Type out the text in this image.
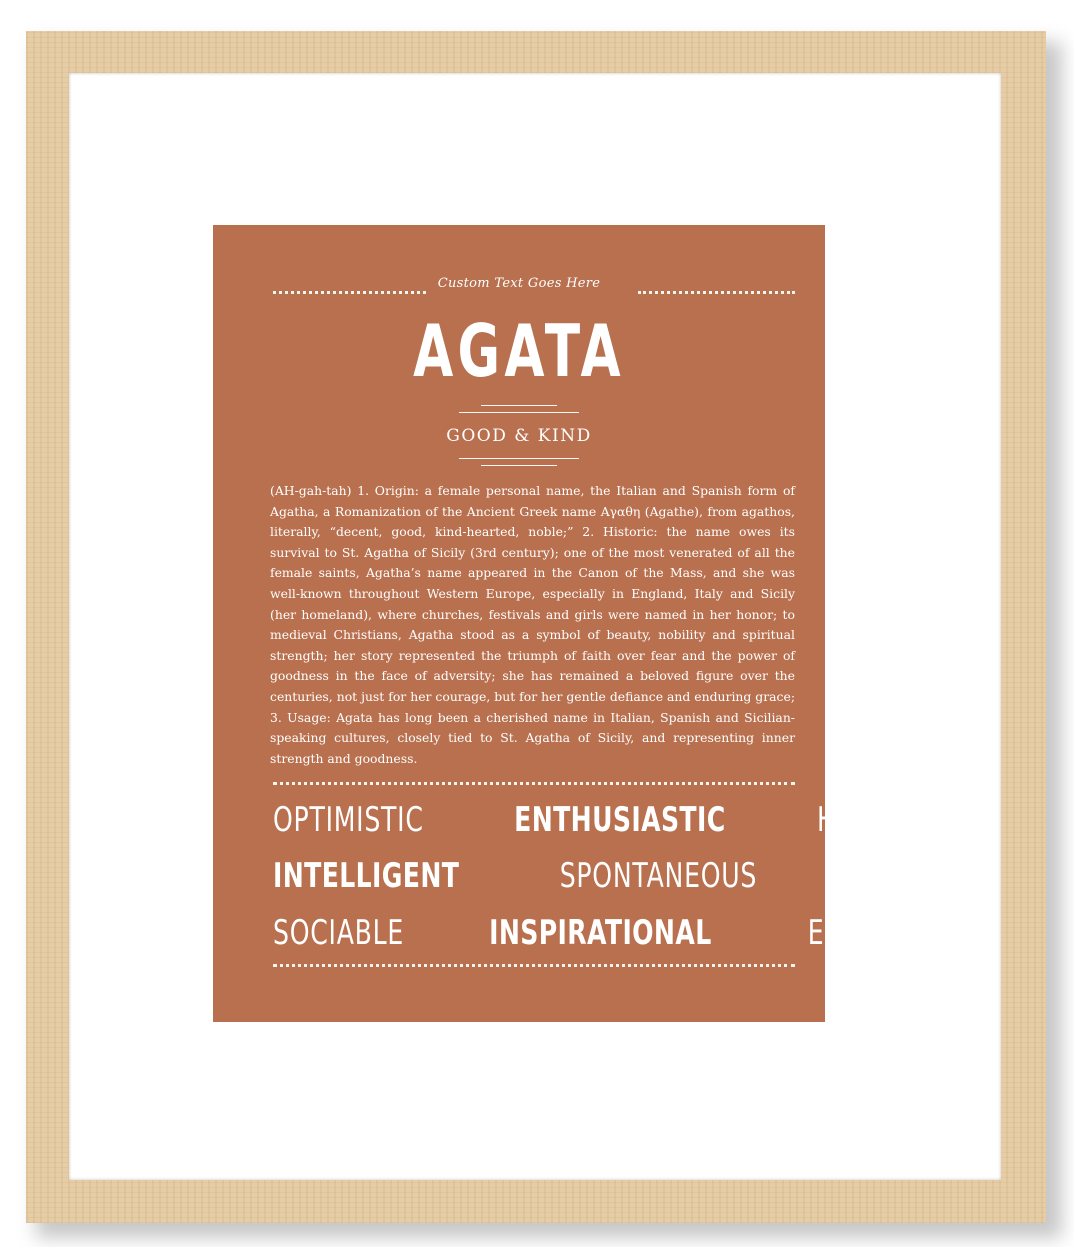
Custom Text Goes Here
AGATA
GOOD & KIND

(AH-gah-tah) 1. Origin: a female personal name, the Italian and Spanish form of Agatha, a Romanization of the Ancient Greek name Αγαθη (Agathe), from agathos, literally, “decent, good, kind-hearted, noble;” 2. Historic: the name owes its survival to St. Agatha of Sicily (3rd century); one of the most venerated of all the female saints, Agatha’s name appeared in the Canon of the Mass, and she was well-known throughout Western Europe, especially in England, Italy and Sicily (her homeland), where churches, festivals and girls were named in her honor; to medieval Christians, Agatha stood as a symbol of beauty, nobility and spiritual strength; her story represented the triumph of faith over fear and the power of goodness in the face of adversity; she has remained a beloved figure over the centuries, not just for her courage, but for her gentle defiance and enduring grace; 3. Usage: Agata has long been a cherished name in Italian, Spanish and Sicilian-speaking cultures, closely tied to St. Agatha of Sicily, and representing inner strength and goodness.

OPTIMISTIC	ENTHUSIASTIC	HUMOROUS
INTELLIGENT	SPONTANEOUS CREATIVE
SOCIABLE	INSPIRATIONAL	EXPRESSIVE
